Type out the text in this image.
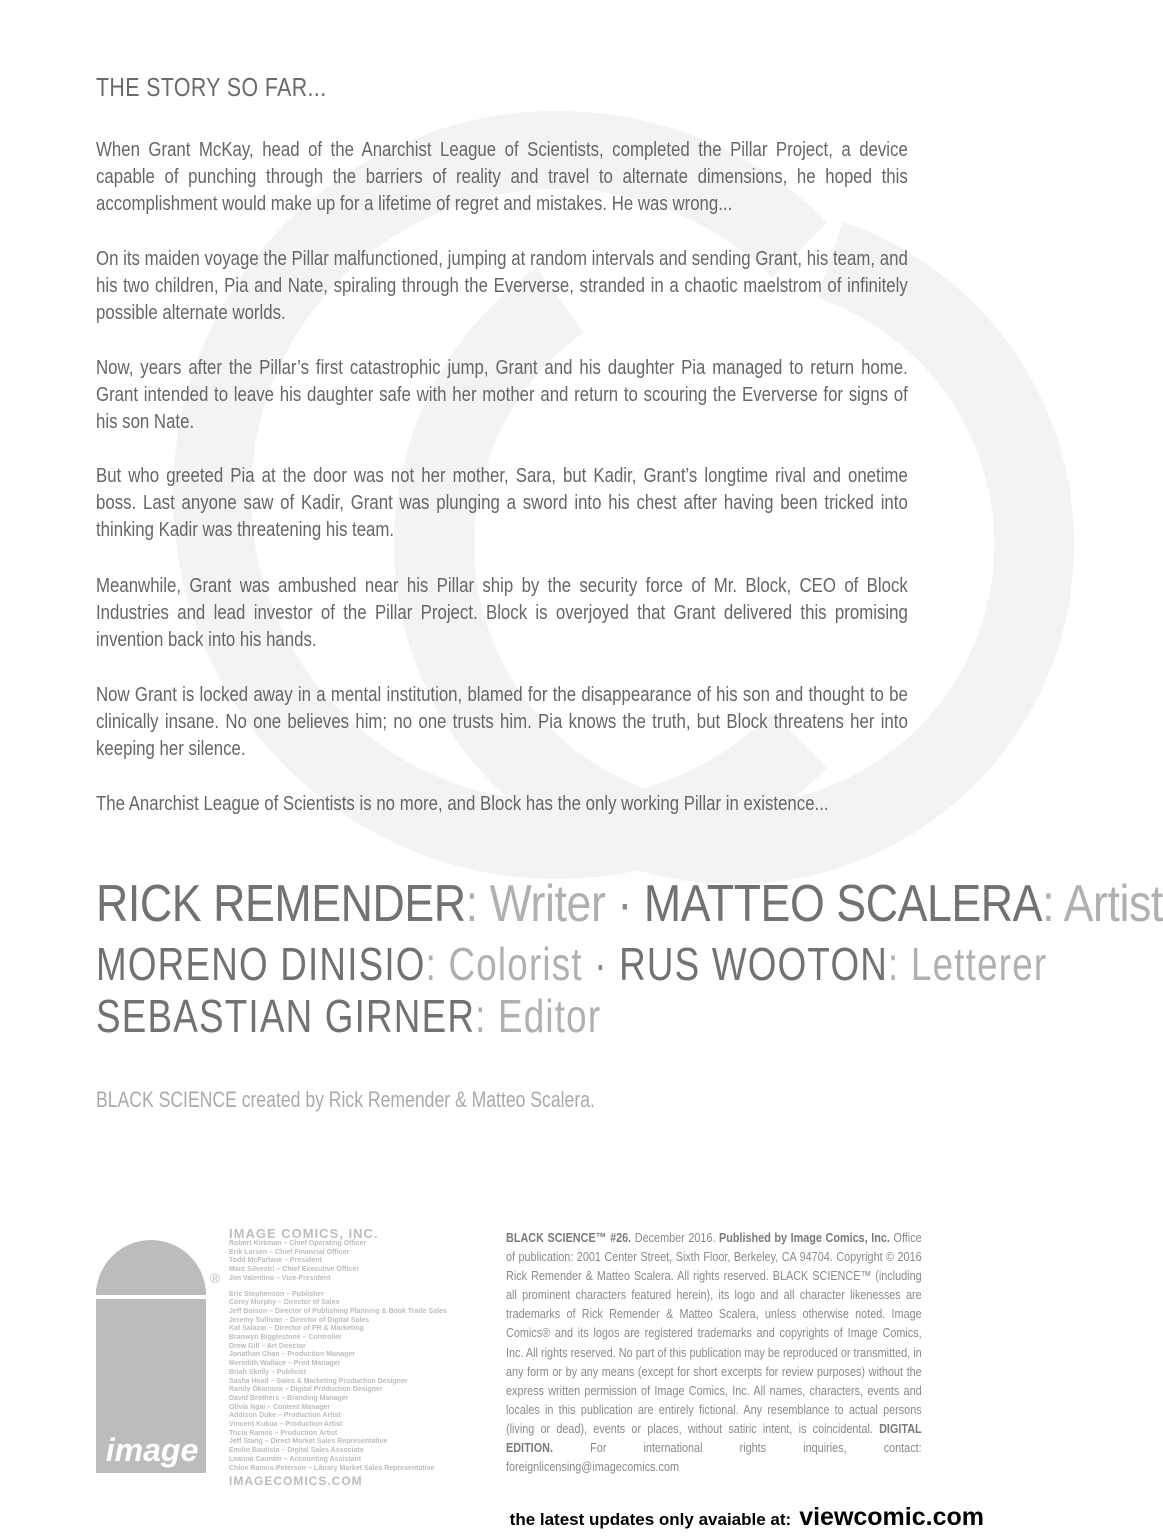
THE STORY SO FAR...
When Grant McKay, head of the Anarchist League of Scientists, completed the Pillar Project, a device capable of punching through the barriers of reality and travel to alternate dimensions, he hoped this accomplishment would make up for a lifetime of regret and mistakes. He was wrong...
On its maiden voyage the Pillar malfunctioned, jumping at random intervals and sending Grant, his team, and his two children, Pia and Nate, spiraling through the Eververse, stranded in a chaotic maelstrom of infinitely possible alternate worlds.
Now, years after the Pillar’s first catastrophic jump, Grant and his daughter Pia managed to return home. Grant intended to leave his daughter safe with her mother and return to scouring the Eververse for signs of his son Nate.
But who greeted Pia at the door was not her mother, Sara, but Kadir, Grant’s longtime rival and onetime boss. Last anyone saw of Kadir, Grant was plunging a sword into his chest after having been tricked into thinking Kadir was threatening his team.
Meanwhile, Grant was ambushed near his Pillar ship by the security force of Mr. Block, CEO of Block Industries and lead investor of the Pillar Project. Block is overjoyed that Grant delivered this promising invention back into his hands.
Now Grant is locked away in a mental institution, blamed for the disappearance of his son and thought to be clinically insane. No one believes him; no one trusts him. Pia knows the truth, but Block threatens her into keeping her silence.
The Anarchist League of Scientists is no more, and Block has the only working Pillar in existence...
RICK REMENDER: Writer · MATTEO SCALERA: Artist
MORENO DINISIO: Colorist · RUS WOOTON: Letterer
SEBASTIAN GIRNER: Editor
BLACK SCIENCE created by Rick Remender & Matteo Scalera.
image
®
IMAGE COMICS, INC.
Robert Kirkman – Chief Operating Officer
Erik Larsen – Chief Financial Officer
Todd McFarlane – President
Marc Silvestri – Chief Executive Officer
Jim Valentino – Vice-President
Eric Stephenson – Publisher
Corey Murphy – Director of Sales
Jeff Boison – Director of Publishing Planning & Book Trade Sales
Jeremy Sullivan – Director of Digital Sales
Kat Salazar – Director of PR & Marketing
Branwyn Bigglestone – Controller
Drew Gill – Art Director
Jonathan Chan – Production Manager
Meredith Wallace – Print Manager
Briah Skelly – Publicist
Sasha Head – Sales & Marketing Production Designer
Randy Okamura – Digital Production Designer
David Brothers – Branding Manager
Olivia Ngai – Content Manager
Addison Duke – Production Artist
Vincent Kukua – Production Artist
Tricia Ramos – Production Artist
Jeff Stang – Direct Market Sales Representative
Emilio Bautista – Digital Sales Associate
Leanna Caunter – Accounting Assistant
Chloe Ramos-Peterson – Library Market Sales Representative
IMAGECOMICS.COM
BLACK SCIENCE™ #26. December 2016. Published by Image Comics, Inc. Office of publication: 2001 Center Street, Sixth Floor, Berkeley, CA 94704. Copyright © 2016 Rick Remender & Matteo Scalera. All rights reserved. BLACK SCIENCE™ (including all prominent characters featured herein), its logo and all character likenesses are trademarks of Rick Remender & Matteo Scalera, unless otherwise noted. Image Comics® and its logos are registered trademarks and copyrights of Image Comics, Inc. All rights reserved. No part of this publication may be reproduced or transmitted, in any form or by any means (except for short excerpts for review purposes) without the express written permission of Image Comics, Inc. All names, characters, events and locales in this publication are entirely fictional. Any resemblance to actual persons (living or dead), events or places, without satiric intent, is coincidental. DIGITAL EDITION. For international rights inquiries, contact: foreignlicensing@imagecomics.com
the latest updates only avaiable at: viewcomic.com
